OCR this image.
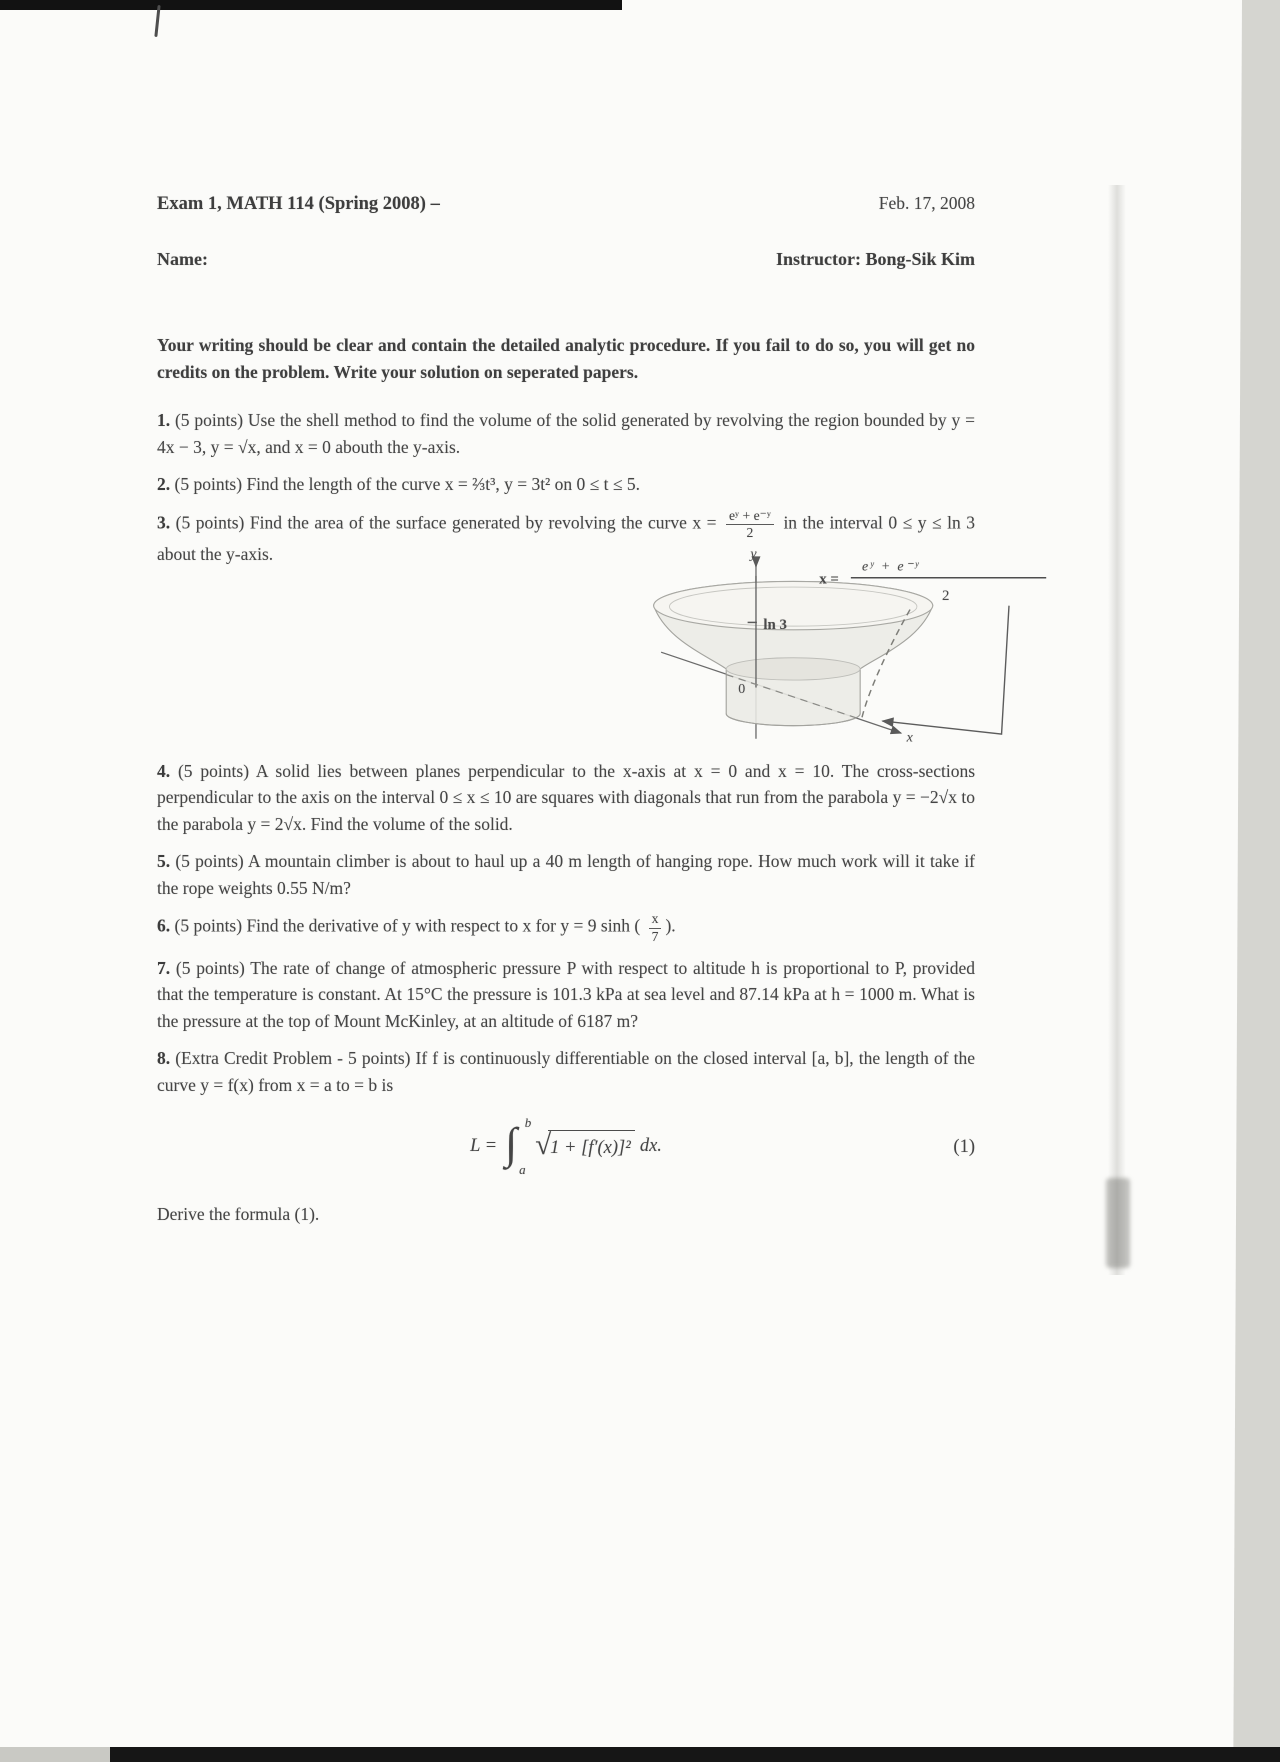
Exam 1, MATH 114 (Spring 2008) –	Feb. 17, 2008
Name:	Instructor: Bong-Sik Kim

Your writing should be clear and contain the detailed analytic procedure. If you fail to do so, you will get no credits on the problem. Write your solution on seperated papers.

1. (5 points) Use the shell method to find the volume of the solid generated by revolving the region bounded by y = 4x − 3, y = √x, and x = 0 abouth the y-axis.

2. (5 points) Find the length of the curve x = ⅔t³, y = 3t² on 0 ≤ t ≤ 5.

3. (5 points) Find the area of the surface generated by revolving the curve $x = \frac{\text{eʸ + e⁻ʸ}}{2}$ in the interval 0 ≤ y ≤ ln 3 about the y-axis.

ln 3
y
x
0
x =
eʸ + e⁻ʸ
2

4. (5 points) A solid lies between planes perpendicular to the x-axis at x = 0 and x = 10. The cross-sections perpendicular to the axis on the interval 0 ≤ x ≤ 10 are squares with diagonals that run from the parabola y = −2√x to the parabola y = 2√x. Find the volume of the solid.

5. (5 points) A mountain climber is about to haul up a 40 m length of hanging rope. How much work will it take if the rope weights 0.55 N/m?

6. (5 points) Find the derivative of y with respect to x for y = 9 sinh ( $\frac{x}{7}$ ).

7. (5 points) The rate of change of atmospheric pressure P with respect to altitude h is proportional to P, provided that the temperature is constant. At 15°C the pressure is 101.3 kPa at sea level and 87.14 kPa at h = 1000 m. What is the pressure at the top of Mount McKinley, at an altitude of 6187 m?

8. (Extra Credit Problem - 5 points) If f is continuously differentiable on the closed interval [a, b], the length of the curve y = f(x) from x = a to = b is

L = ∫ b
a
√ 1 + [f′(x)]² dx.	(1)

Derive the formula (1).
